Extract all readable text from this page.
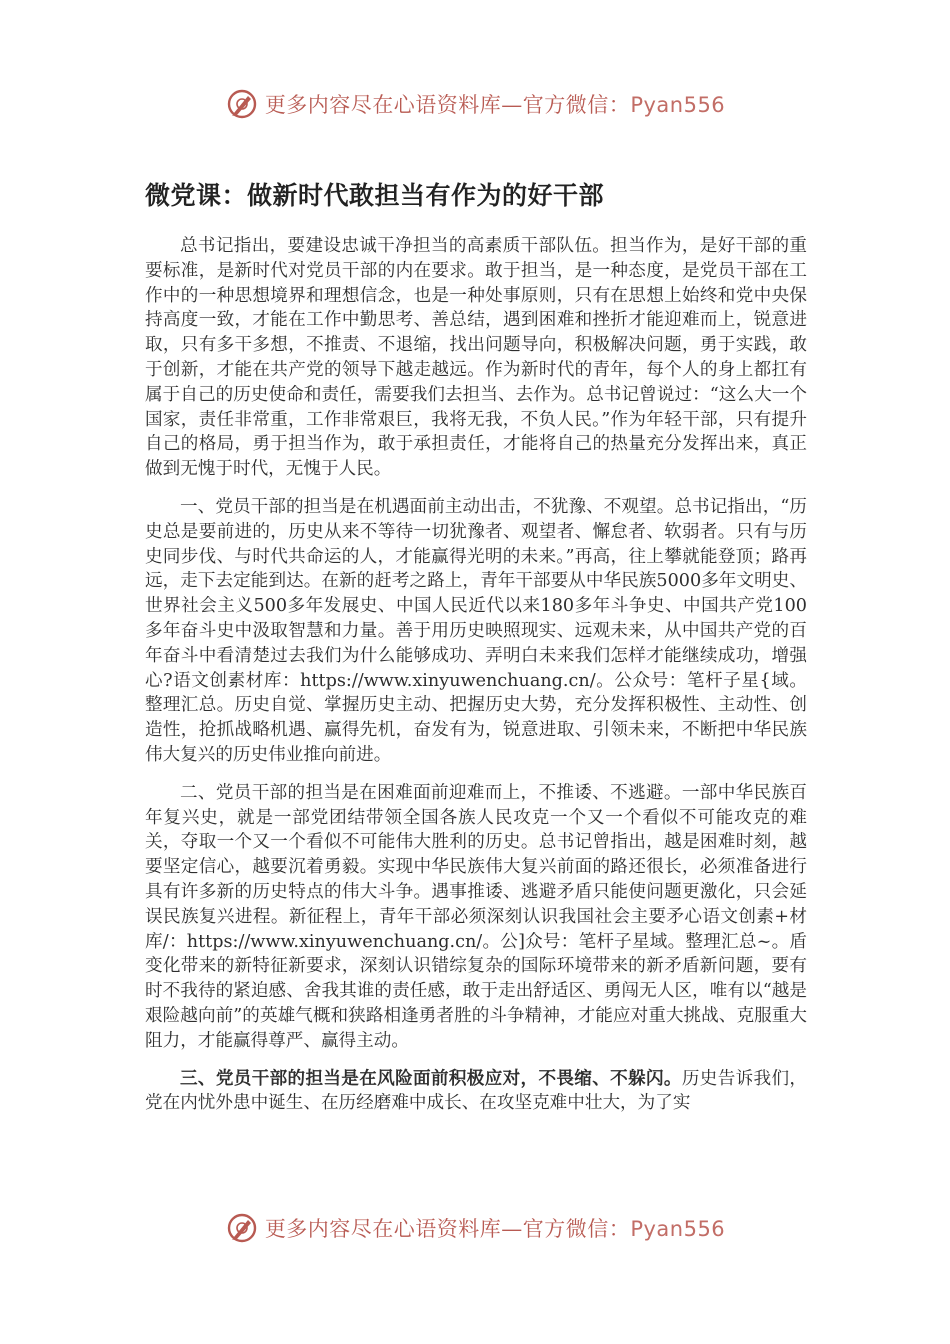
更多内容尽在心语资料库—官方微信：Pyan556
微党课：做新时代敢担当有作为的好干部

总书记指出，要建设忠诚干净担当的高素质干部队伍。担当作为，是好干部的重要标准，是新时代对党员干部的内在要求。敢于担当，是一种态度，是党员干部在工作中的一种思想境界和理想信念，也是一种处事原则，只有在思想上始终和党中央保持高度一致，才能在工作中勤思考、善总结，遇到困难和挫折才能迎难而上，锐意进取，只有多干多想，不推责、不退缩，找出问题导向，积极解决问题，勇于实践，敢于创新，才能在共产党的领导下越走越远。作为新时代的青年，每个人的身上都扛有属于自己的历史使命和责任，需要我们去担当、去作为。总书记曾说过：“这么大一个国家，责任非常重，工作非常艰巨，我将无我，不负人民。”作为年轻干部，只有提升自己的格局，勇于担当作为，敢于承担责任，才能将自己的热量充分发挥出来，真正做到无愧于时代，无愧于人民。

一、党员干部的担当是在机遇面前主动出击，不犹豫、不观望。总书记指出，“历史总是要前进的，历史从来不等待一切犹豫者、观望者、懈怠者、软弱者。只有与历史同步伐、与时代共命运的人，才能赢得光明的未来。”再高，往上攀就能登顶；路再远，走下去定能到达。在新的赶考之路上，青年干部要从中华民族5000多年文明史、世界社会主义500多年发展史、中国人民近代以来180多年斗争史、中国共产党100多年奋斗史中汲取智慧和力量。善于用历史映照现实、远观未来，从中国共产党的百年奋斗中看清楚过去我们为什么能够成功、弄明白未来我们怎样才能继续成功，增强心?语文创素材库：https://www.xinyuwenchuang.cn/。公众号：笔杆子星{域。整理汇总。历史自觉、掌握历史主动、把握历史大势，充分发挥积极性、主动性、创造性，抢抓战略机遇、赢得先机，奋发有为，锐意进取、引领未来，不断把中华民族伟大复兴的历史伟业推向前进。

二、党员干部的担当是在困难面前迎难而上，不推诿、不逃避。一部中华民族百年复兴史，就是一部党团结带领全国各族人民攻克一个又一个看似不可能攻克的难关，夺取一个又一个看似不可能伟大胜利的历史。总书记曾指出，越是困难时刻，越要坚定信心，越要沉着勇毅。实现中华民族伟大复兴前面的路还很长，必须准备进行具有许多新的历史特点的伟大斗争。遇事推诿、逃避矛盾只能使问题更激化，只会延误民族复兴进程。新征程上，青年干部必须深刻认识我国社会主要矛心语文创素+材库/：https://www.xinyuwenchuang.cn/。公]众号：笔杆子星域。整理汇总~。盾变化带来的新特征新要求，深刻认识错综复杂的国际环境带来的新矛盾新问题，要有时不我待的紧迫感、舍我其谁的责任感，敢于走出舒适区、勇闯无人区，唯有以“越是艰险越向前”的英雄气概和狭路相逢勇者胜的斗争精神，才能应对重大挑战、克服重大阻力，才能赢得尊严、赢得主动。

三、党员干部的担当是在风险面前积极应对，不畏缩、不躲闪。历史告诉我们，党在内忧外患中诞生、在历经磨难中成长、在攻坚克难中壮大，为了实

更多内容尽在心语资料库—官方微信：Pyan556
